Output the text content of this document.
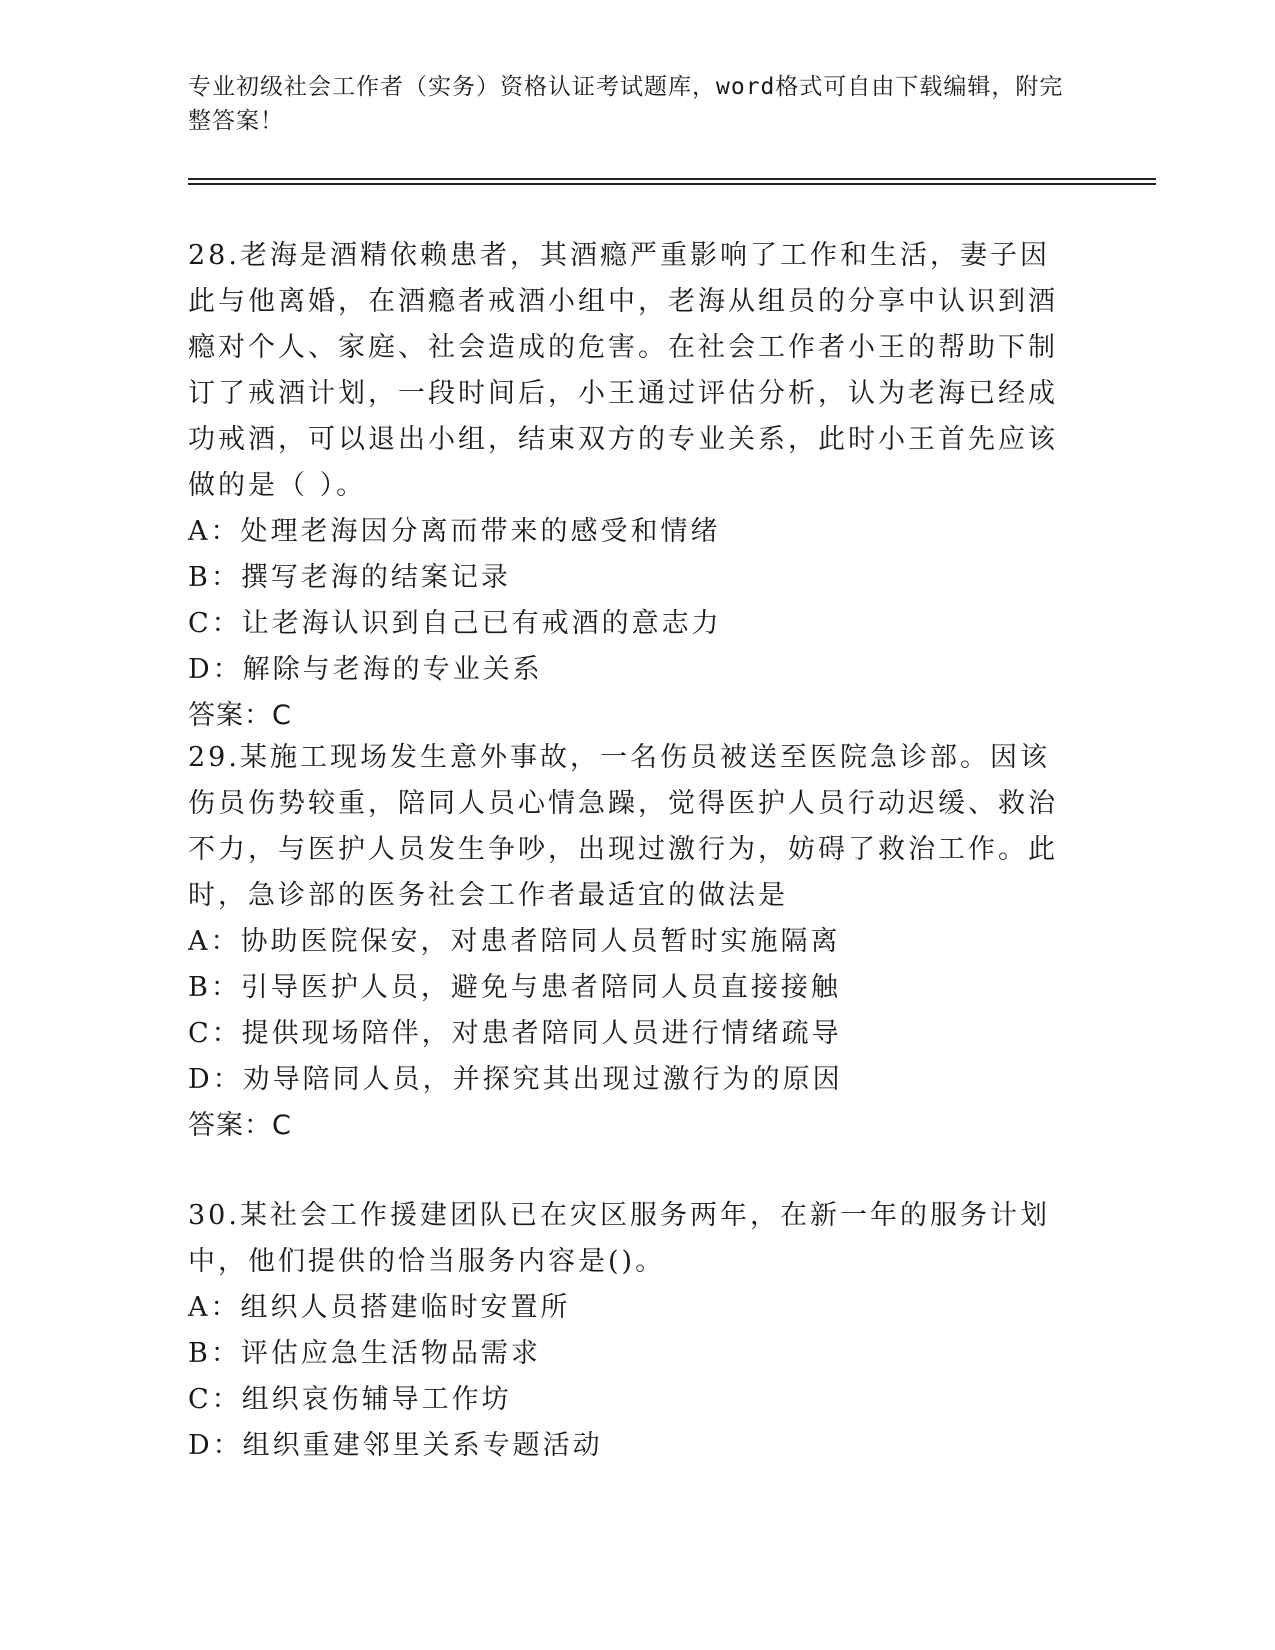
专业初级社会工作者（实务）资格认证考试题库，word格式可自由下载编辑，附完整答案！

28.老海是酒精依赖患者，其酒瘾严重影响了工作和生活，妻子因此与他离婚，在酒瘾者戒酒小组中，老海从组员的分享中认识到酒瘾对个人、家庭、社会造成的危害。在社会工作者小王的帮助下制订了戒酒计划，一段时间后，小王通过评估分析，认为老海已经成功戒酒，可以退出小组，结束双方的专业关系，此时小王首先应该做的是（ ）。

A：处理老海因分离而带来的感受和情绪

B：撰写老海的结案记录

C：让老海认识到自己已有戒酒的意志力

D：解除与老海的专业关系

答案：C

29.某施工现场发生意外事故，一名伤员被送至医院急诊部。因该伤员伤势较重，陪同人员心情急躁，觉得医护人员行动迟缓、救治不力，与医护人员发生争吵，出现过激行为，妨碍了救治工作。此时，急诊部的医务社会工作者最适宜的做法是

A：协助医院保安，对患者陪同人员暂时实施隔离

B：引导医护人员，避免与患者陪同人员直接接触

C：提供现场陪伴，对患者陪同人员进行情绪疏导

D：劝导陪同人员，并探究其出现过激行为的原因

答案：C

30.某社会工作援建团队已在灾区服务两年，在新一年的服务计划中，他们提供的恰当服务内容是()。

A：组织人员搭建临时安置所

B：评估应急生活物品需求

C：组织哀伤辅导工作坊

D：组织重建邻里关系专题活动
